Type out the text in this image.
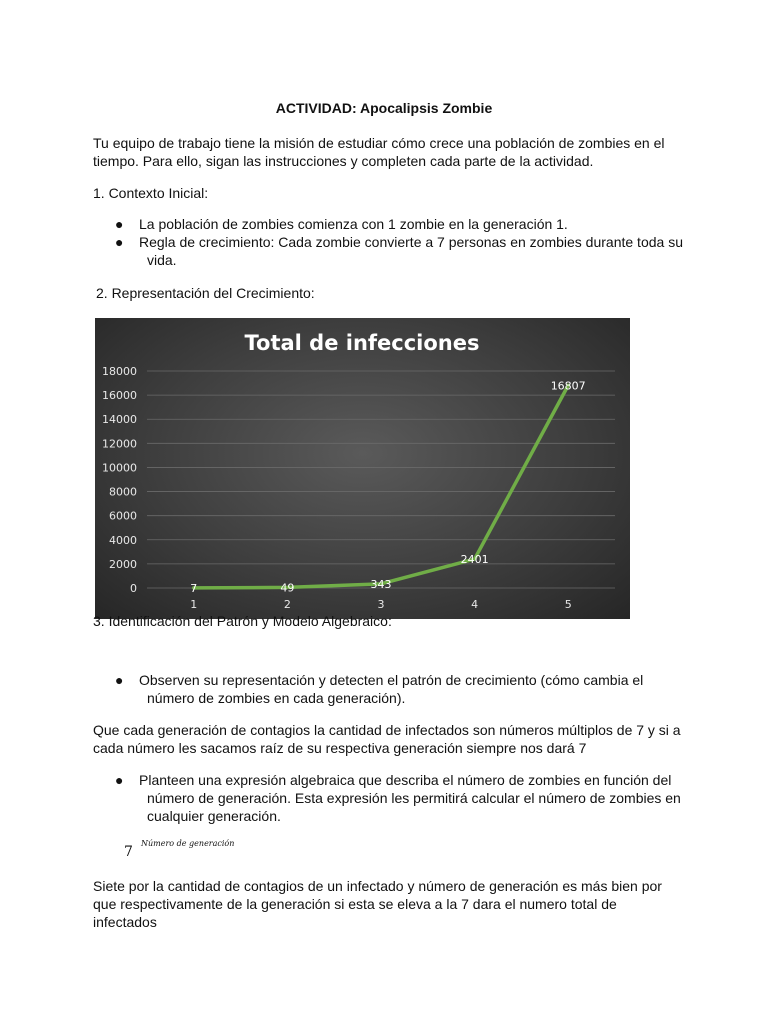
ACTIVIDAD: Apocalipsis Zombie

Tu equipo de trabajo tiene la misión de estudiar cómo crece una población de zombies en el tiempo. Para ello, sigan las instrucciones y completen cada parte de la actividad.

1. Contexto Inicial:

● La población de zombies comienza con 1 zombie en la generación 1.
● Regla de crecimiento: Cada zombie convierte a 7 personas en zombies durante toda su vida.

2. Representación del Crecimiento:

Total de infecciones
0
2000
4000
6000
8000
10000
12000
14000
16000
18000
1	2	3	4	5
7	49	343
2401
16807

3. Identificación del Patrón y Modelo Algebraico:

● Observen su representación y detecten el patrón de crecimiento (cómo cambia el número de zombies en cada generación).

Que cada generación de contagios la cantidad de infectados son números múltiplos de 7 y si a cada número les sacamos raíz de su respectiva generación siempre nos dará 7

● Planteen una expresión algebraica que describa el número de zombies en función del número de generación. Esta expresión les permitirá calcular el número de zombies en cualquier generación.
7
Número de generación

Siete por la cantidad de contagios de un infectado y número de generación es más bien por que respectivamente de la generación si esta se eleva a la 7 dara el numero total de infectados
